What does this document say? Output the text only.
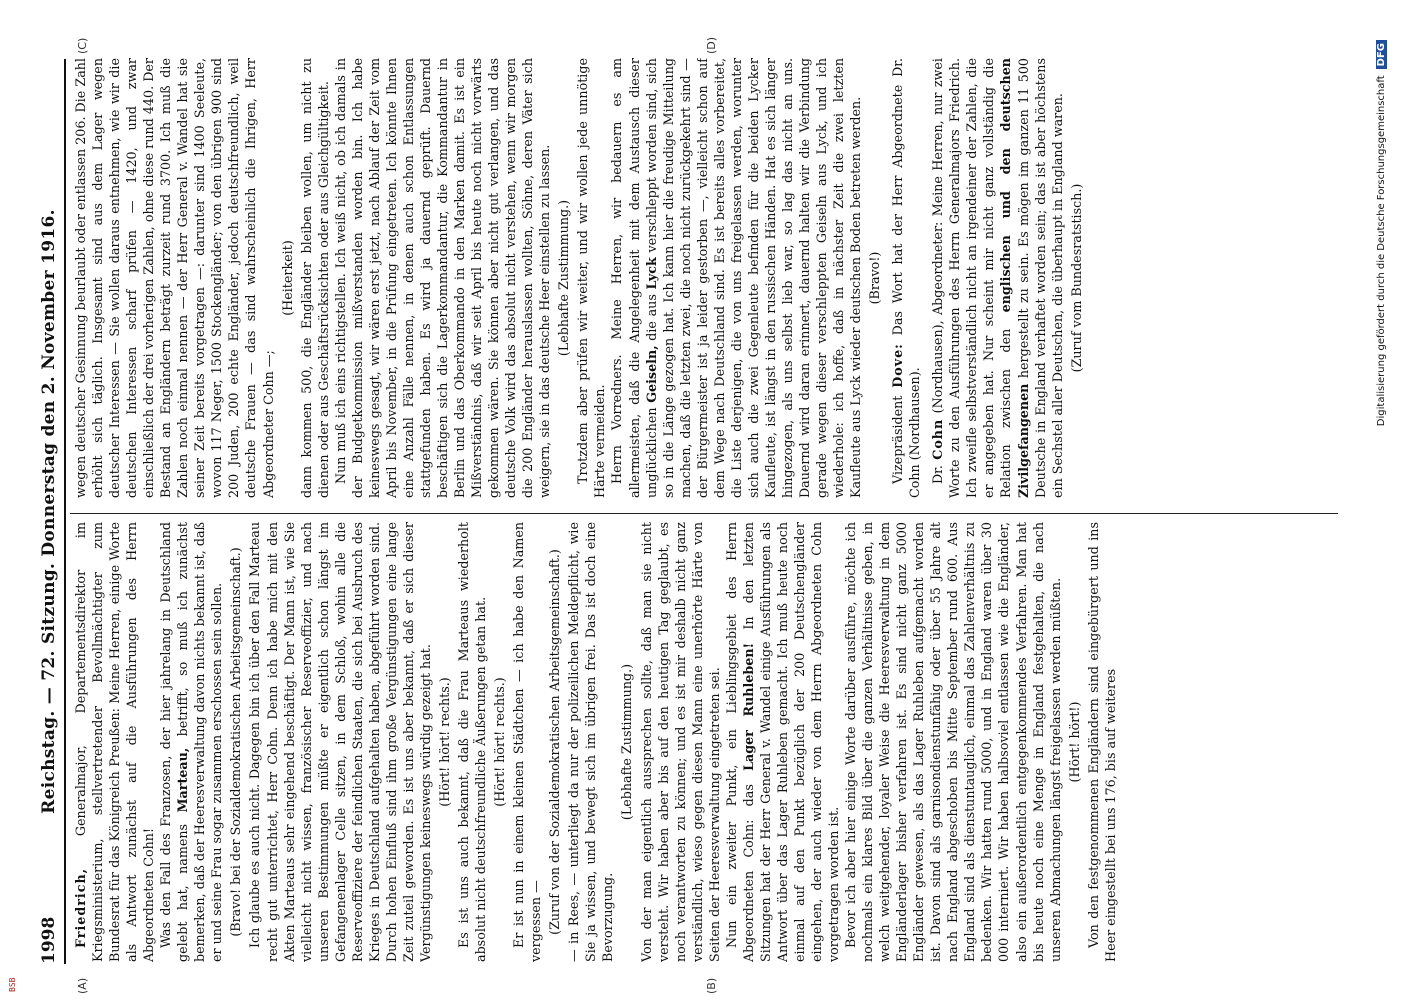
BSB
1998
Reichstag. — 72. Sitzung. Donnerstag den 2. November 1916.
(A)	(B)
(C)	(D)

Friedrich, Generalmajor, Departementsdirektor im Kriegsministerium, stellvertretender Bevollmächtigter zum Bundesrat für das Königreich Preußen: Meine Herren, einige Worte als Antwort zunächst auf die Ausführungen des Herrn Abgeordneten Cohn! Was den Fall des Franzosen, der hier jahrelang in Deutschland gelebt hat, namens Marteau, betrifft, so muß ich zunächst bemerken, daß der Heeresverwaltung davon nichts bekannt ist, daß er und seine Frau sogar zusammen erschossen sein sollen. (Bravo! bei der Sozialdemokratischen Arbeitsgemeinschaft.) Ich glaube es auch nicht. Dagegen bin ich über den Fall Marteau recht gut unterrichtet, Herr Cohn. Denn ich habe mich mit den Akten Marteaus sehr eingehend beschäftigt. Der Mann ist, wie Sie vielleicht nicht wissen, französischer Reserveoffizier, und nach unseren Bestimmungen müßte er eigentlich schon längst im Gefangenenlager Celle sitzen, in dem Schloß, wohin alle die Reserveoffiziere der feindlichen Staaten, die sich bei Ausbruch des Krieges in Deutschland aufgehalten haben, abgeführt worden sind. Durch hohen Einfluß sind ihm große Vergünstigungen eine lange Zeit zuteil geworden. Es ist uns aber bekannt, daß er sich dieser Vergünstigungen keineswegs würdig gezeigt hat. (Hört! hört! rechts.) Es ist uns auch bekannt, daß die Frau Marteaus wiederholt absolut nicht deutschfreundliche Äußerungen getan hat. (Hört! hört! rechts.) Er ist nun in einem kleinen Städtchen — ich habe den Namen vergessen — (Zuruf von der Sozialdemokratischen Arbeitsgemeinschaft.) — in Rees, — unterliegt da nur der polizeilichen Meldepflicht, wie Sie ja wissen, und bewegt sich im übrigen frei. Das ist doch eine Bevorzugung.

(Lebhafte Zustimmung.) Von der man eigentlich aussprechen sollte, daß man sie nicht versteht. Wir haben aber bis auf den heutigen Tag geglaubt, es noch verantworten zu können; und es ist mir deshalb nicht ganz verständlich, wieso gegen diesen Mann eine unerhörte Härte von Seiten der Heeresverwaltung eingetreten sei. Nun ein zweiter Punkt, ein Lieblingsgebiet des Herrn Abgeordneten Cohn: das Lager Ruhleben! In den letzten Sitzungen hat der Herr General v. Wandel einige Ausführungen als Antwort über das Lager Ruhleben gemacht. Ich muß heute noch einmal auf den Punkt bezüglich der 200 Deutschengländer eingehen, der auch wieder von dem Herrn Abgeordneten Cohn vorgetragen worden ist. Bevor ich aber hier einige Worte darüber ausführe, möchte ich nochmals ein klares Bild über die ganzen Verhältnisse geben, in welch weitgehender, loyaler Weise die Heeresverwaltung in dem Engländerlager bisher verfahren ist. Es sind nicht ganz 5000 Engländer gewesen, als das Lager Ruhleben aufgemacht worden ist. Davon sind als garnisondienstunfähig oder über 55 Jahre alt nach England abgeschoben bis Mitte September rund 600. Aus England sind als dienstuntauglich, einmal das Zahlenverhältnis zu bedenken. Wir hatten rund 5000, und in England waren über 30 000 interniert. Wir haben halbsoviel entlassen wie die Engländer, also ein außerordentlich entgegenkommendes Verfahren. Man hat bis heute noch eine Menge in England festgehalten, die nach unseren Abmachungen längst freigelassen werden müßten. (Hört! hört!) Von den festgenommenen Engländern sind eingebürgert und ins Heer eingestellt bei uns 176, bis auf weiteres

wegen deutscher Gesinnung beurlaubt oder entlassen 206. Die Zahl erhöht sich täglich. Insgesamt sind aus dem Lager wegen deutscher Interessen — Sie wollen daraus entnehmen, wie wir die deutschen Interessen scharf prüfen — 1420, und zwar einschließlich der drei vorherigen Zahlen, ohne diese rund 440. Der Bestand an Engländern beträgt zurzeit rund 3700. Ich muß die Zahlen noch einmal nennen — der Herr General v. Wandel hat sie seiner Zeit bereits vorgetragen —: darunter sind 1400 Seeleute, wovon 117 Neger, 1500 Stockengländer; von den übrigen 900 sind 200 Juden, 200 echte Engländer, jedoch deutschfreundlich, weil deutsche Frauen — das sind wahrscheinlich die Ihrigen, Herr Abgeordneter Cohn —;

(Heiterkeit) dann kommen 500, die Engländer bleiben wollen, um nicht zu dienen oder aus Geschäftsrücksichten oder aus Gleichgültigkeit. Nun muß ich eins richtigstellen. Ich weiß nicht, ob ich damals in der Budgetkommission mißverstanden worden bin. Ich habe keineswegs gesagt, wir wären erst jetzt, nach Ablauf der Zeit vom April bis November, in die Prüfung eingetreten. Ich könnte Ihnen eine Anzahl Fälle nennen, in denen auch schon Entlassungen stattgefunden haben. Es wird ja dauernd geprüft. Dauernd beschäftigen sich die Lagerkommandantur, die Kommandantur in Berlin und das Oberkommando in den Marken damit. Es ist ein Mißverständnis, daß wir seit April bis heute noch nicht vorwärts gekommen wären. Sie können aber nicht gut verlangen, und das deutsche Volk wird das absolut nicht verstehen, wenn wir morgen die 200 Engländer herauslassen wollten, Söhne, deren Väter sich weigern, sie in das deutsche Heer einstellen zu lassen. (Lebhafte Zustimmung.) Trotzdem aber prüfen wir weiter, und wir wollen jede unnötige Härte vermeiden. Herrn Vorredners. Meine Herren, wir bedauern es am allermeisten, daß die Angelegenheit mit dem Austausch dieser unglücklichen Geiseln, die aus Lyck verschleppt worden sind, sich so in die Länge gezogen hat. Ich kann hier die freudige Mitteilung machen, daß die letzten zwei, die noch nicht zurückgekehrt sind — der Bürgermeister ist ja leider gestorben —, vielleicht schon auf dem Wege nach Deutschland sind. Es ist bereits alles vorbereitet, die Liste derjenigen, die von uns freigelassen werden, worunter sich auch die zwei Gegenleute befinden für die beiden Lycker Kaufleute, ist längst in den russischen Händen. Hat es sich länger hingezogen, als uns selbst lieb war, so lag das nicht an uns. Dauernd wird daran erinnert, dauernd halten wir die Verbindung gerade wegen dieser verschleppten Geiseln aus Lyck, und ich wiederhole: ich hoffe, daß in nächster Zeit die zwei letzten Kaufleute aus Lyck wieder deutschen Boden betreten werden. (Bravo!)

Vizepräsident Dove: Das Wort hat der Herr Abgeordnete Dr. Cohn (Nordhausen). Dr. Cohn (Nordhausen), Abgeordneter: Meine Herren, nur zwei Worte zu den Ausführungen des Herrn Generalmajors Friedrich. Ich zweifle selbstverständlich nicht an irgendeiner der Zahlen, die er angegeben hat. Nur scheint mir nicht ganz vollständig die Relation zwischen den englischen und den deutschen Zivilgefangenen hergestellt zu sein. Es mögen im ganzen 11 500 Deutsche in England verhaftet worden sein; das ist aber höchstens ein Sechstel aller Deutschen, die überhaupt in England waren. (Zuruf vom Bundesratstisch.)	Digitalisierung gefördert durch die Deutsche ForschungsgemeinschaftDFG
